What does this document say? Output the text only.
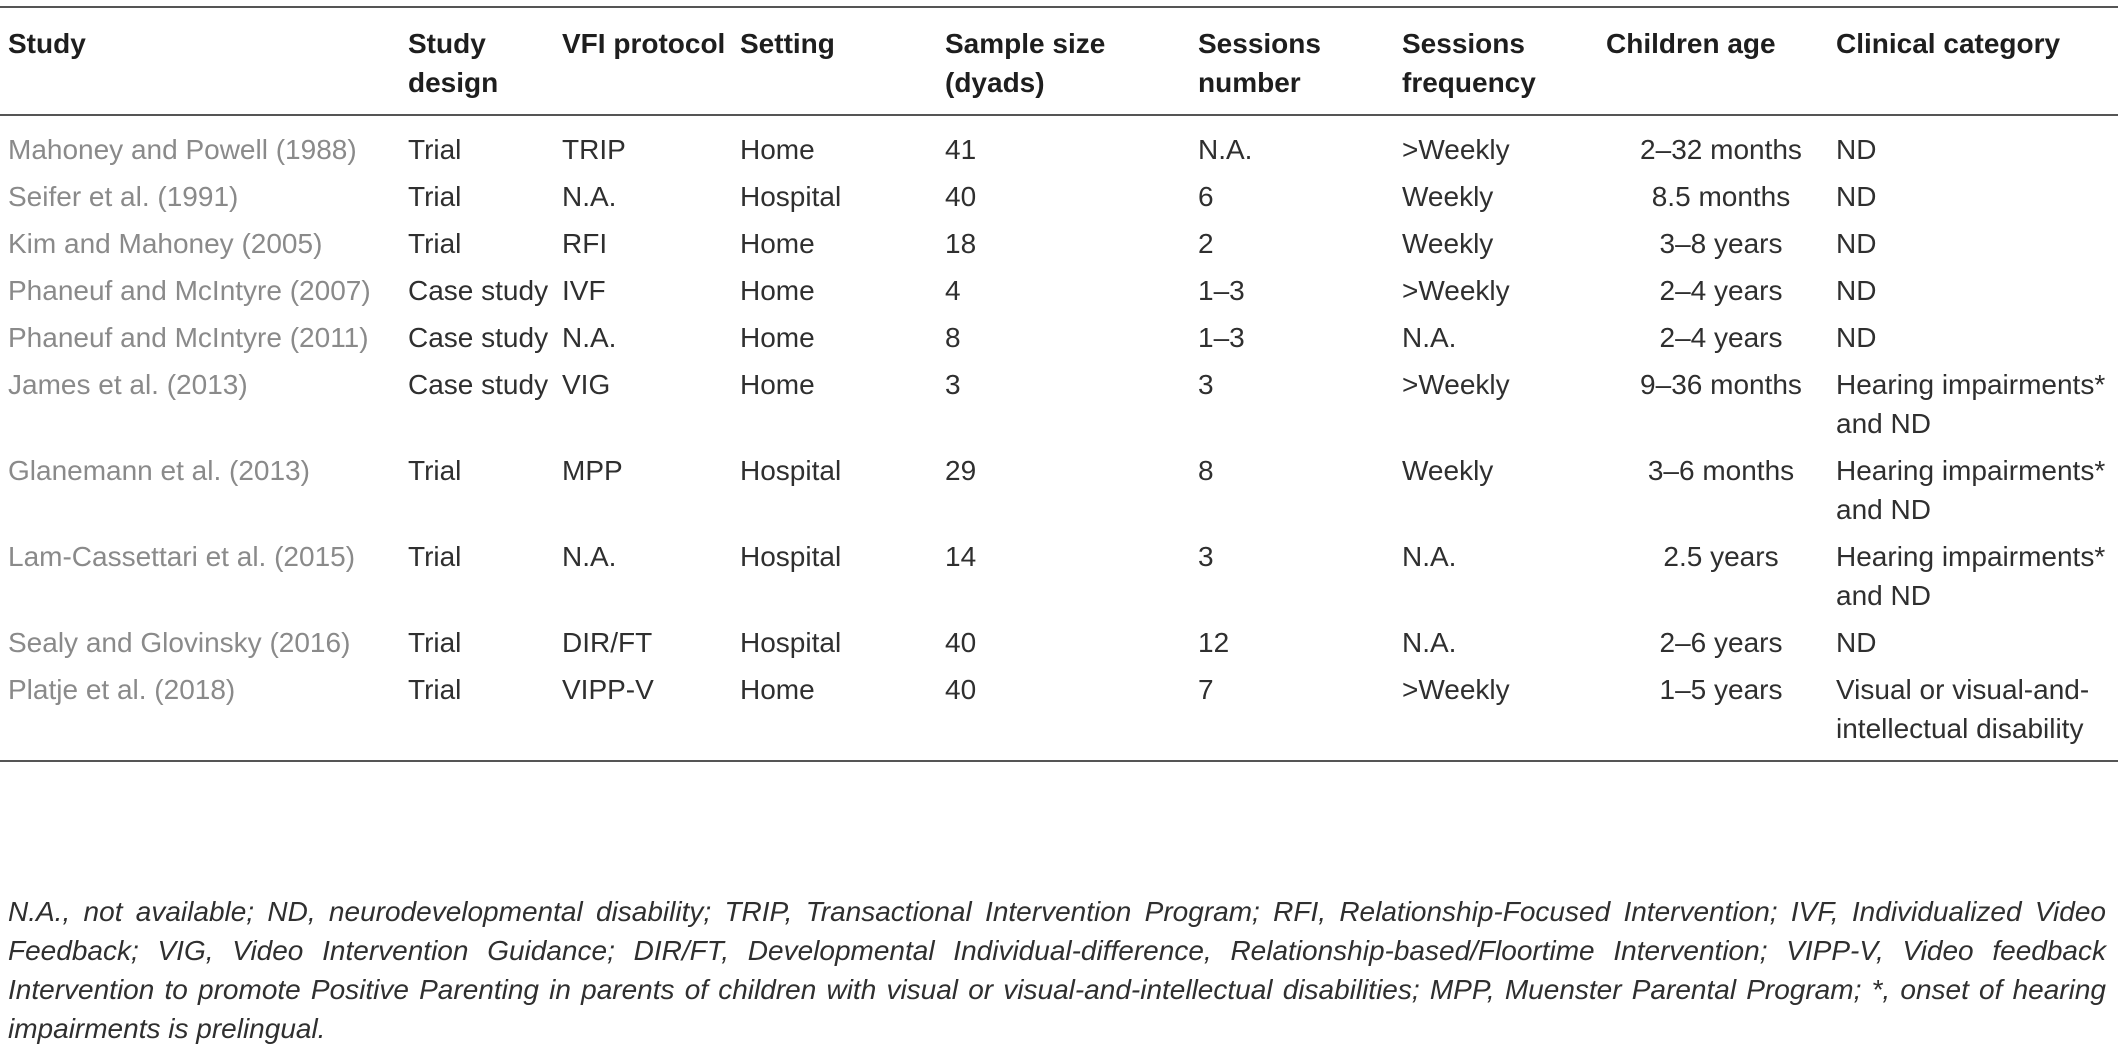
Study	Study design	VFI protocol	Setting	Sample size (dyads)	Sessions number	Sessions frequency	Children age	Clinical category
Mahoney and Powell (1988)	Trial	TRIP	Home	41	N.A.	>Weekly	2–32 months	ND
Seifer et al. (1991)	Trial	N.A.	Hospital	40	6	Weekly	8.5 months	ND
Kim and Mahoney (2005)	Trial	RFI	Home	18	2	Weekly	3–8 years	ND
Phaneuf and McIntyre (2007)	Case study	IVF	Home	4	1–3	>Weekly	2–4 years	ND
Phaneuf and McIntyre (2011)	Case study	N.A.	Home	8	1–3	N.A.	2–4 years	ND
James et al. (2013)	Case study	VIG	Home	3	3	>Weekly	9–36 months	Hearing impairments* and ND
Glanemann et al. (2013)	Trial	MPP	Hospital	29	8	Weekly	3–6 months	Hearing impairments* and ND
Lam-Cassettari et al. (2015)	Trial	N.A.	Hospital	14	3	N.A.	2.5 years	Hearing impairments* and ND
Sealy and Glovinsky (2016)	Trial	DIR/FT	Hospital	40	12	N.A.	2–6 years	ND
Platje et al. (2018)	Trial	VIPP-V	Home	40	7	>Weekly	1–5 years	Visual or visual-and-intellectual disability
N.A., not available; ND, neurodevelopmental disability; TRIP, Transactional Intervention Program; RFI, Relationship-Focused Intervention; IVF, Individualized Video Feedback; VIG, Video Intervention Guidance; DIR/FT, Developmental Individual-difference, Relationship-based/Floortime Intervention; VIPP-V, Video feedback Intervention to promote Positive Parenting in parents of children with visual or visual-and-intellectual disabilities; MPP, Muenster Parental Program; *, onset of hearing impairments is prelingual.
